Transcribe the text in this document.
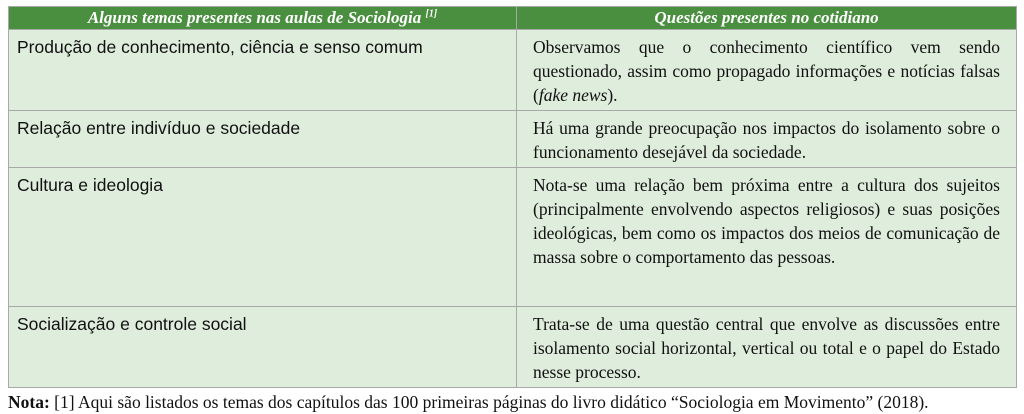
Alguns temas presentes nas aulas de Sociologia [1]	Questões presentes no cotidiano
Produção de conhecimento, ciência e senso comum	Observamos que o conhecimento científico vem sendo questionado, assim como propagado informações e notícias falsas (fake news).
Relação entre indivíduo e sociedade	Há uma grande preocupação nos impactos do isolamento sobre o funcionamento desejável da sociedade.
Cultura e ideologia	Nota-se uma relação bem próxima entre a cultura dos sujeitos (principalmente envolvendo aspectos religiosos) e suas posições ideológicas, bem como os impactos dos meios de comunicação de massa sobre o comportamento das pessoas.
Socialização e controle social	Trata-se de uma questão central que envolve as discussões entre isolamento social horizontal, vertical ou total e o papel do Estado nesse processo.
Nota: [1] Aqui são listados os temas dos capítulos das 100 primeiras páginas do livro didático “Sociologia em Movimento” (2018).
